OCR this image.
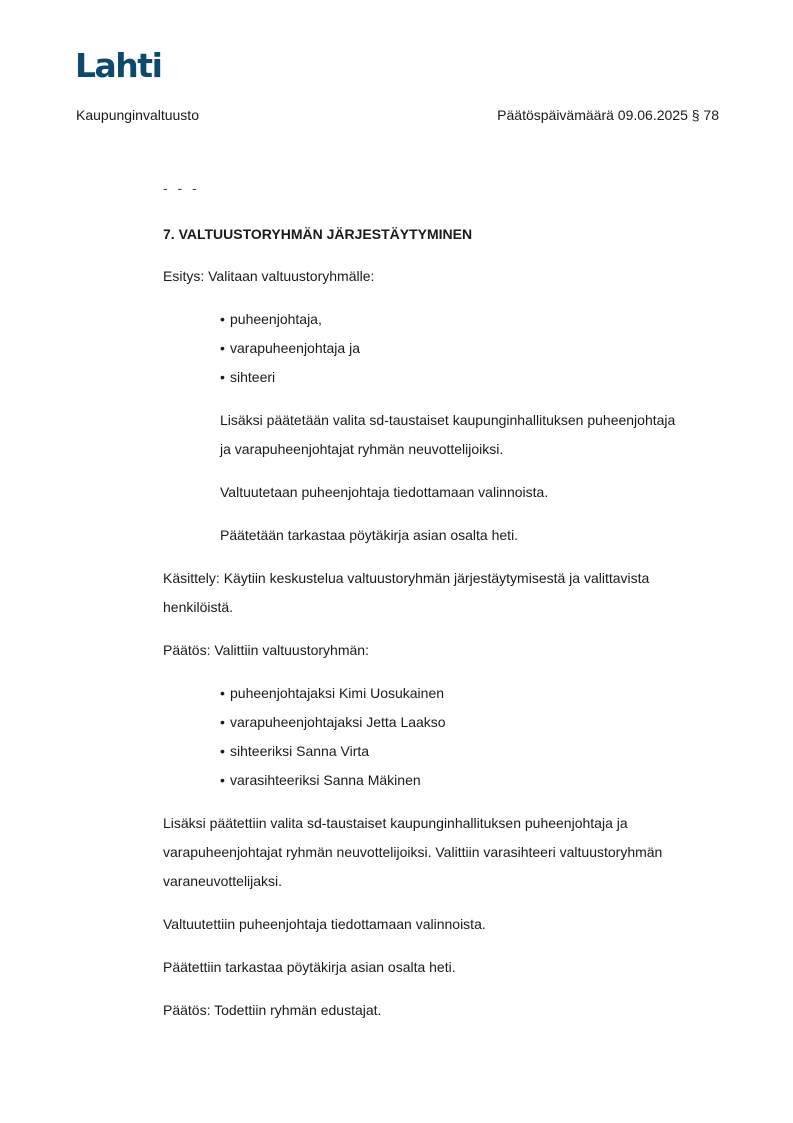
Lahti
Kaupunginvaltuusto	Päätöspäivämäärä 09.06.2025 § 78
- - -
7. VALTUUSTORYHMÄN JÄRJESTÄYTYMINEN
Esitys: Valitaan valtuustoryhmälle:
• puheenjohtaja,
• varapuheenjohtaja ja
• sihteeri
Lisäksi päätetään valita sd-taustaiset kaupunginhallituksen puheenjohtaja
ja varapuheenjohtajat ryhmän neuvottelijoiksi.
Valtuutetaan puheenjohtaja tiedottamaan valinnoista.
Päätetään tarkastaa pöytäkirja asian osalta heti.
Käsittely: Käytiin keskustelua valtuustoryhmän järjestäytymisestä ja valittavista
henkilöistä.
Päätös: Valittiin valtuustoryhmän:
• puheenjohtajaksi Kimi Uosukainen
• varapuheenjohtajaksi Jetta Laakso
• sihteeriksi Sanna Virta
• varasihteeriksi Sanna Mäkinen
Lisäksi päätettiin valita sd-taustaiset kaupunginhallituksen puheenjohtaja ja
varapuheenjohtajat ryhmän neuvottelijoiksi. Valittiin varasihteeri valtuustoryhmän
varaneuvottelijaksi.
Valtuutettiin puheenjohtaja tiedottamaan valinnoista.
Päätettiin tarkastaa pöytäkirja asian osalta heti.
Päätös: Todettiin ryhmän edustajat.
